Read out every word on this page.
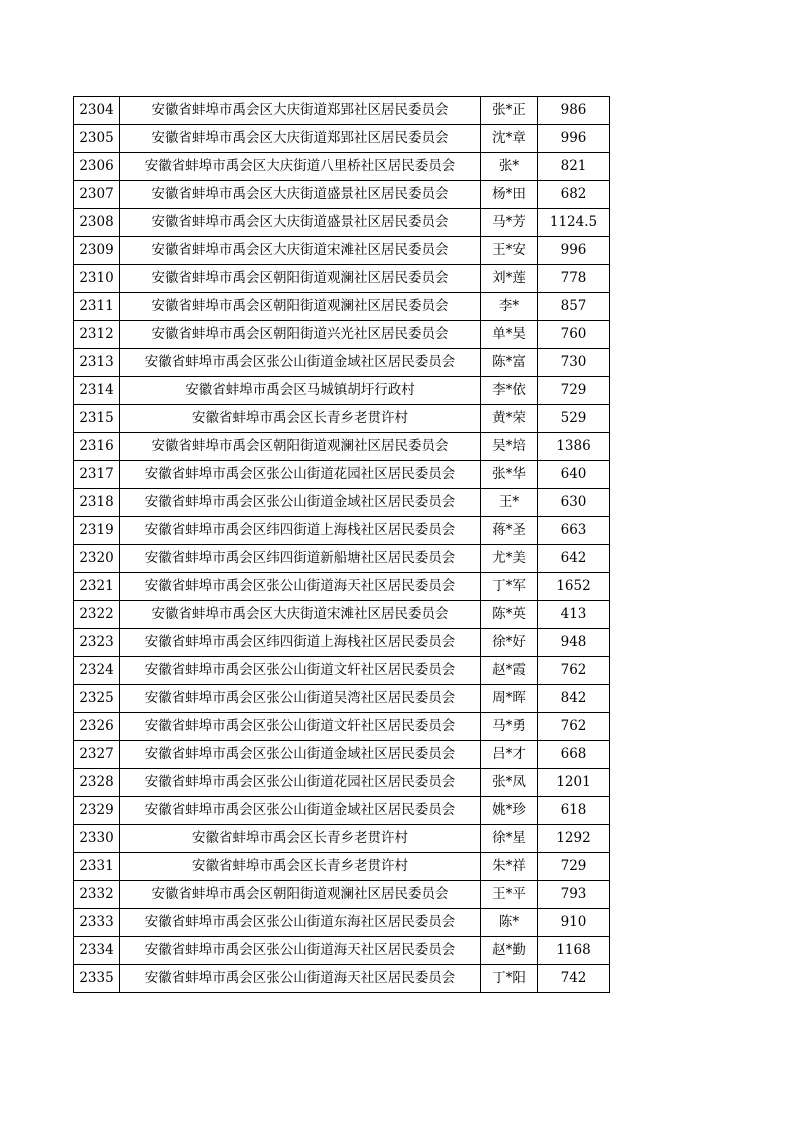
2304	安徽省蚌埠市禹会区大庆街道郑郢社区居民委员会	张*正	986
2305	安徽省蚌埠市禹会区大庆街道郑郢社区居民委员会	沈*章	996
2306	安徽省蚌埠市禹会区大庆街道八里桥社区居民委员会	张*	821
2307	安徽省蚌埠市禹会区大庆街道盛景社区居民委员会	杨*田	682
2308	安徽省蚌埠市禹会区大庆街道盛景社区居民委员会	马*芳	1124.5
2309	安徽省蚌埠市禹会区大庆街道宋滩社区居民委员会	王*安	996
2310	安徽省蚌埠市禹会区朝阳街道观澜社区居民委员会	刘*莲	778
2311	安徽省蚌埠市禹会区朝阳街道观澜社区居民委员会	李*	857
2312	安徽省蚌埠市禹会区朝阳街道兴光社区居民委员会	单*昊	760
2313	安徽省蚌埠市禹会区张公山街道金域社区居民委员会	陈*富	730
2314	安徽省蚌埠市禹会区马城镇胡圩行政村	李*依	729
2315	安徽省蚌埠市禹会区长青乡老贯许村	黄*荣	529
2316	安徽省蚌埠市禹会区朝阳街道观澜社区居民委员会	吴*培	1386
2317	安徽省蚌埠市禹会区张公山街道花园社区居民委员会	张*华	640
2318	安徽省蚌埠市禹会区张公山街道金域社区居民委员会	王*	630
2319	安徽省蚌埠市禹会区纬四街道上海栈社区居民委员会	蒋*圣	663
2320	安徽省蚌埠市禹会区纬四街道新船塘社区居民委员会	尤*美	642
2321	安徽省蚌埠市禹会区张公山街道海天社区居民委员会	丁*军	1652
2322	安徽省蚌埠市禹会区大庆街道宋滩社区居民委员会	陈*英	413
2323	安徽省蚌埠市禹会区纬四街道上海栈社区居民委员会	徐*好	948
2324	安徽省蚌埠市禹会区张公山街道文轩社区居民委员会	赵*霞	762
2325	安徽省蚌埠市禹会区张公山街道吴湾社区居民委员会	周*晖	842
2326	安徽省蚌埠市禹会区张公山街道文轩社区居民委员会	马*勇	762
2327	安徽省蚌埠市禹会区张公山街道金域社区居民委员会	吕*才	668
2328	安徽省蚌埠市禹会区张公山街道花园社区居民委员会	张*凤	1201
2329	安徽省蚌埠市禹会区张公山街道金域社区居民委员会	姚*珍	618
2330	安徽省蚌埠市禹会区长青乡老贯许村	徐*星	1292
2331	安徽省蚌埠市禹会区长青乡老贯许村	朱*祥	729
2332	安徽省蚌埠市禹会区朝阳街道观澜社区居民委员会	王*平	793
2333	安徽省蚌埠市禹会区张公山街道东海社区居民委员会	陈*	910
2334	安徽省蚌埠市禹会区张公山街道海天社区居民委员会	赵*勤	1168
2335	安徽省蚌埠市禹会区张公山街道海天社区居民委员会	丁*阳	742
